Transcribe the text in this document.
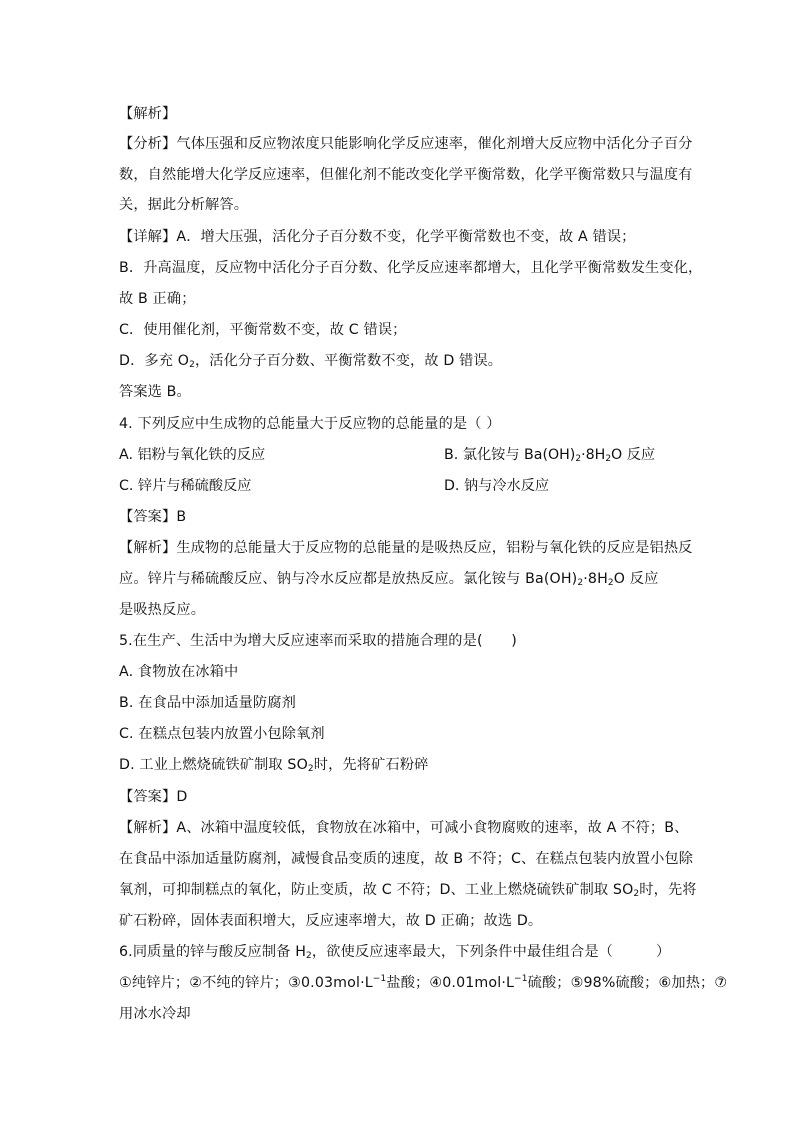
【解析】
【分析】气体压强和反应物浓度只能影响化学反应速率，催化剂增大反应物中活化分子百分
数，自然能增大化学反应速率，但催化剂不能改变化学平衡常数，化学平衡常数只与温度有
关，据此分析解答。
【详解】A．增大压强，活化分子百分数不变，化学平衡常数也不变，故 A 错误；
B．升高温度，反应物中活化分子百分数、化学反应速率都增大，且化学平衡常数发生变化，
故 B 正确；
C．使用催化剂，平衡常数不变，故 C 错误；
D．多充 $O_2$，活化分子百分数、平衡常数不变，故 D 错误。
答案选 B。
4. 下列反应中生成物的总能量大于反应物的总能量的是（ ）
A. 铝粉与氧化铁的反应	B. 氯化铵与 $Ba(OH)_2\cdot 8H_2O$ 反应
C. 锌片与稀硫酸反应	D. 钠与冷水反应
【答案】B
【解析】生成物的总能量大于反应物的总能量的是吸热反应，铝粉与氧化铁的反应是铝热反
应。锌片与稀硫酸反应、钠与冷水反应都是放热反应。氯化铵与 $Ba(OH)_2\cdot 8H_2O$ 反应
是吸热反应。
5.在生产、生活中为增大反应速率而采取的措施合理的是(　　)
A. 食物放在冰箱中
B. 在食品中添加适量防腐剂
C. 在糕点包装内放置小包除氧剂
D. 工业上燃烧硫铁矿制取 $SO_2$时，先将矿石粉碎
【答案】D
【解析】A、冰箱中温度较低，食物放在冰箱中，可减小食物腐败的速率，故 A 不符；B、
在食品中添加适量防腐剂，减慢食品变质的速度，故 B 不符；C、在糕点包装内放置小包除
氧剂，可抑制糕点的氧化，防止变质，故 C 不符；D、工业上燃烧硫铁矿制取 $SO_2$时，先将
矿石粉碎，固体表面积增大，反应速率增大，故 D 正确；故选 D。
6.同质量的锌与酸反应制备 $H_2$，欲使反应速率最大，下列条件中最佳组合是（　　　）
①纯锌片；②不纯的锌片；$③0.03mol\cdot L^{-1}$盐酸；$④0.01mol\cdot L^{-1}$硫酸；⑤98%硫酸；⑥加热；⑦
用冰水冷却
